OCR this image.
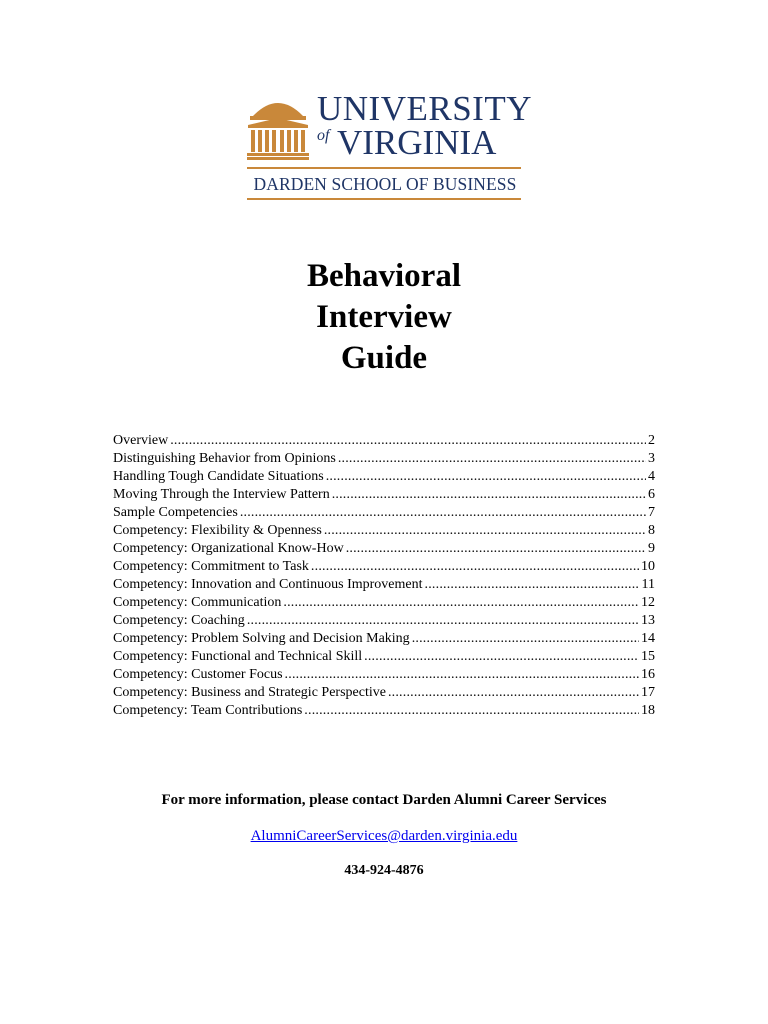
UNIVERSITY
of VIRGINIA
DARDEN SCHOOL OF BUSINESS
Behavioral
Interview
Guide
Overview .....	2
Distinguishing Behavior from Opinions .....	3
Handling Tough Candidate Situations .....	4
Moving Through the Interview Pattern .....	6
Sample Competencies .....	7
Competency: Flexibility & Openness .....	8
Competency: Organizational Know-How .....	9
Competency: Commitment to Task .....	10
Competency: Innovation and Continuous Improvement .....	11
Competency: Communication .....	12
Competency: Coaching .....	13
Competency: Problem Solving and Decision Making .....	14
Competency: Functional and Technical Skill .....	15
Competency: Customer Focus .....	16
Competency: Business and Strategic Perspective .....	17
Competency: Team Contributions .....	18
For more information, please contact Darden Alumni Career Services
AlumniCareerServices@darden.virginia.edu
434-924-4876
